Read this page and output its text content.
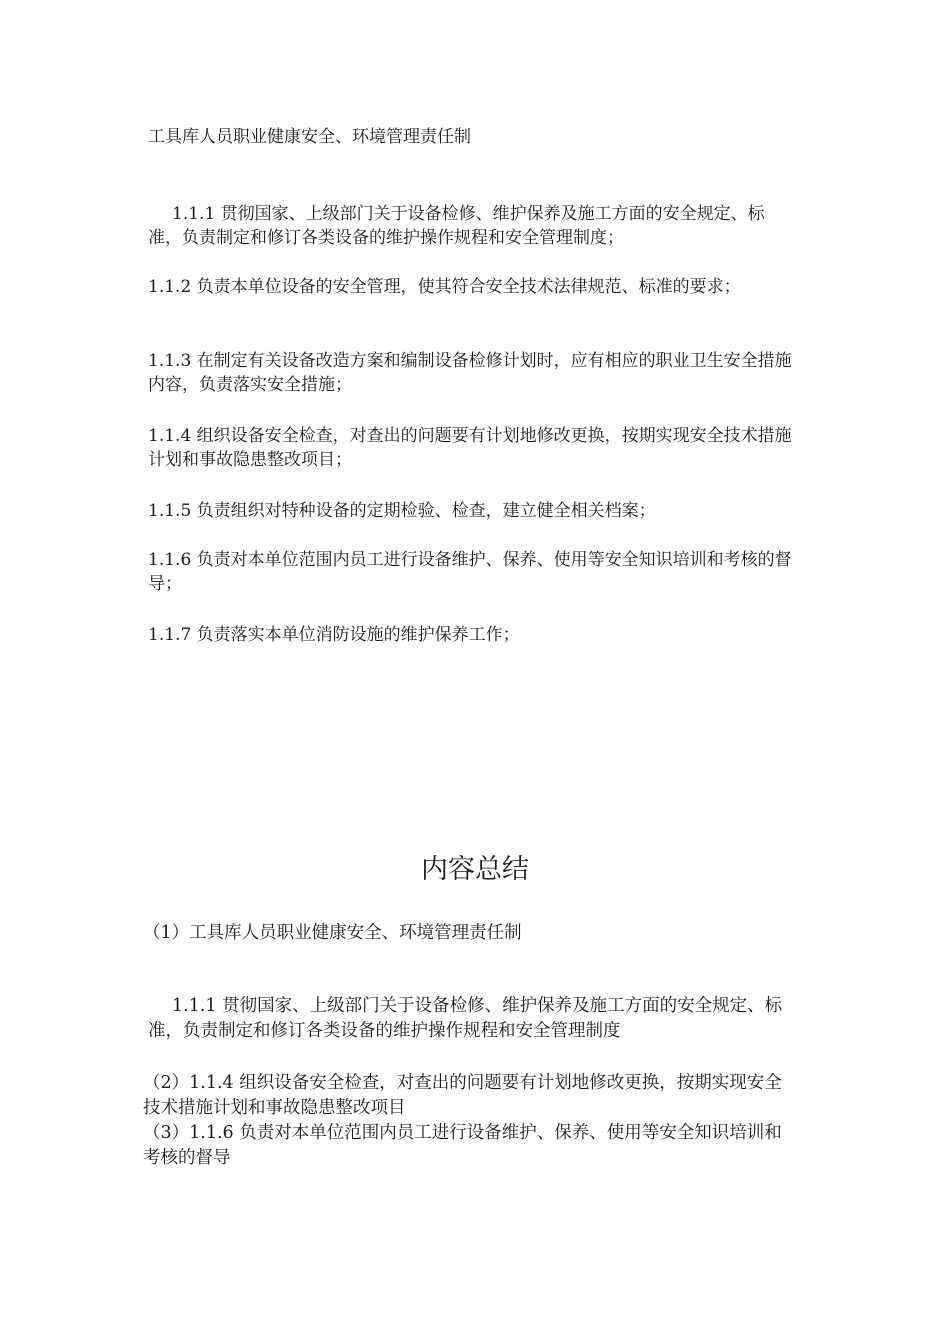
工具库人员职业健康安全、环境管理责任制

1.1.1 贯彻国家、上级部门关于设备检修、维护保养及施工方面的安全规定、标准，负责制定和修订各类设备的维护操作规程和安全管理制度；

1.1.2 负责本单位设备的安全管理，使其符合安全技术法律规范、标准的要求；

1.1.3 在制定有关设备改造方案和编制设备检修计划时，应有相应的职业卫生安全措施内容，负责落实安全措施；

1.1.4 组织设备安全检查，对查出的问题要有计划地修改更换，按期实现安全技术措施计划和事故隐患整改项目；

1.1.5 负责组织对特种设备的定期检验、检查，建立健全相关档案；

1.1.6 负责对本单位范围内员工进行设备维护、保养、使用等安全知识培训和考核的督导；

1.1.7 负责落实本单位消防设施的维护保养工作；

内容总结

（1）工具库人员职业健康安全、环境管理责任制

1.1.1 贯彻国家、上级部门关于设备检修、维护保养及施工方面的安全规定、标准，负责制定和修订各类设备的维护操作规程和安全管理制度

（2）1.1.4 组织设备安全检查，对查出的问题要有计划地修改更换，按期实现安全技术措施计划和事故隐患整改项目

（3）1.1.6 负责对本单位范围内员工进行设备维护、保养、使用等安全知识培训和考核的督导
